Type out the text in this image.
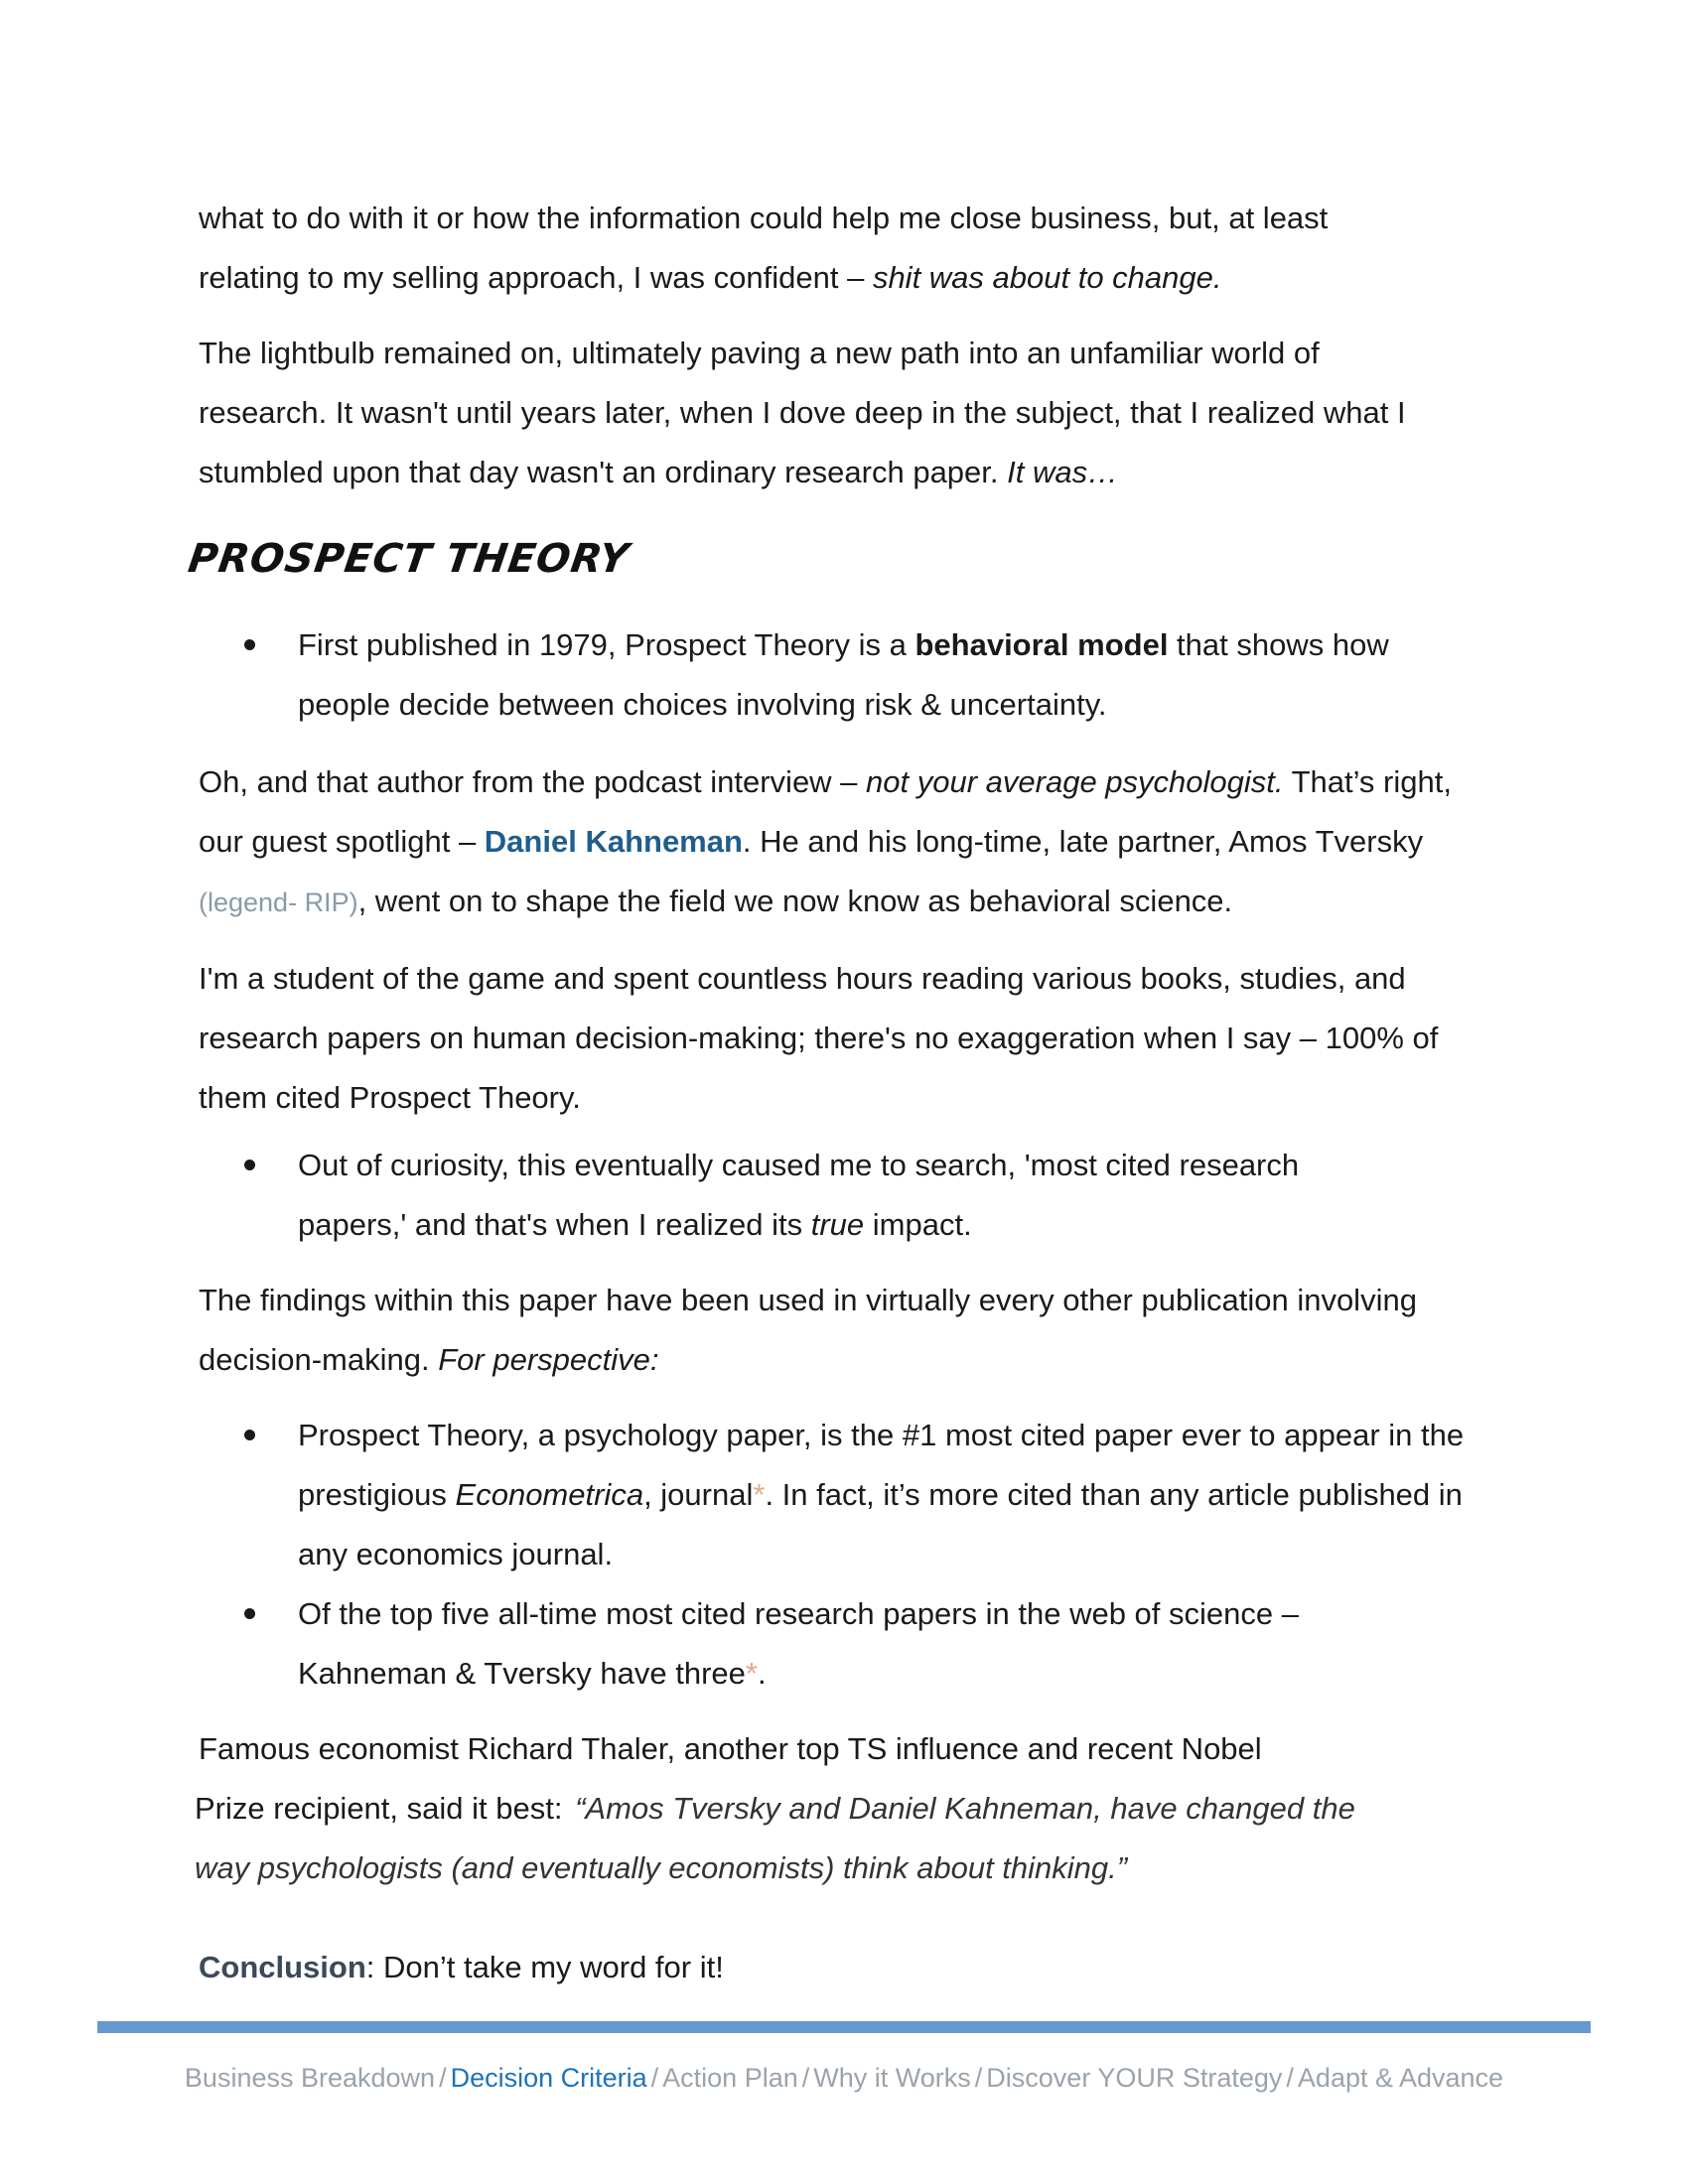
what to do with it or how the information could help me close business, but, at least
relating to my selling approach, I was confident – shit was about to change.

The lightbulb remained on, ultimately paving a new path into an unfamiliar world of research. It wasn't until years later, when I dove deep in the subject, that I realized what I stumbled upon that day wasn't an ordinary research paper. It was…

PROSPECT THEORY

First published in 1979, Prospect Theory is a behavioral model that shows how people decide between choices involving risk & uncertainty.

Oh, and that author from the podcast interview – not your average psychologist. That’s right, our guest spotlight – Daniel Kahneman. He and his long-time, late partner, Amos Tversky (legend- RIP), went on to shape the field we now know as behavioral science.

I'm a student of the game and spent countless hours reading various books, studies, and research papers on human decision-making; there's no exaggeration when I say – 100% of them cited Prospect Theory.

Out of curiosity, this eventually caused me to search, 'most cited research papers,' and that's when I realized its true impact.

The findings within this paper have been used in virtually every other publication involving decision-making. For perspective:

Prospect Theory, a psychology paper, is the #1 most cited paper ever to appear in the prestigious Econometrica, journal*. In fact, it’s more cited than any article published in any economics journal.

Of the top five all-time most cited research papers in the web of science – Kahneman & Tversky have three*.

Famous economist Richard Thaler, another top TS influence and recent Nobel
Prize recipient, said it best: “Amos Tversky and Daniel Kahneman, have changed the
way psychologists (and eventually economists) think about thinking.”

Conclusion: Don’t take my word for it!

Business Breakdown / Decision Criteria / Action Plan / Why it Works / Discover YOUR Strategy / Adapt & Advance
